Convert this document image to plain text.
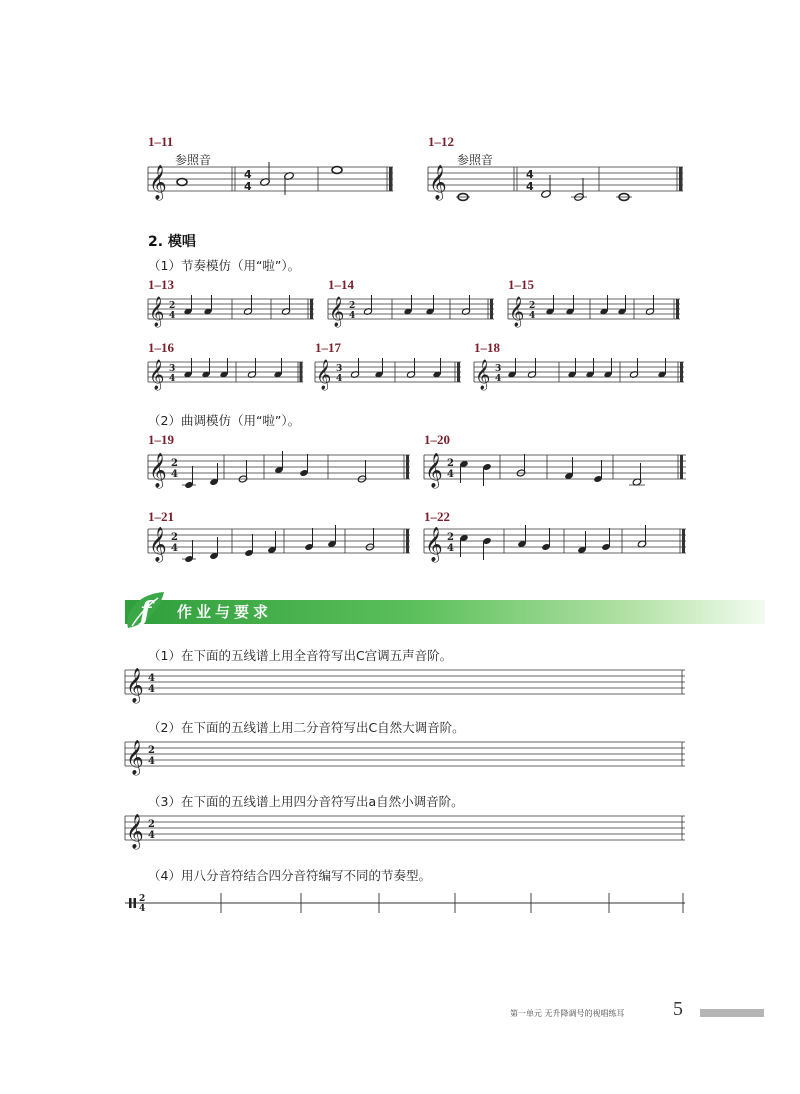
1–11
参照音
𝄞	4
4
1–12
参照音
𝄞	4
4
2. 模唱
（1）节奏模仿（用“啦”）。
1–13	1–14	1–15
𝄞 2
4	𝄞 2
4	𝄞 2
4
1–16	1–17	1–18
𝄞 3
4	𝄞 3
4	𝄞 3
4
（2）曲调模仿（用“啦”）。
1–19	1–20
𝄞 2
4	𝄞 2
4
1–21	1–22
𝄞 2
4	𝄞 2
4
f 作业与要求
（1）在下面的五线谱上用全音符写出C宫调五声音阶。
𝄞 4
4
（2）在下面的五线谱上用二分音符写出C自然大调音阶。
𝄞 2
4
（3）在下面的五线谱上用四分音符写出a自然小调音阶。
𝄞 2
4
（4）用八分音符结合四分音符编写不同的节奏型。
2
4
第一单元 无升降调号的视唱练耳 5
